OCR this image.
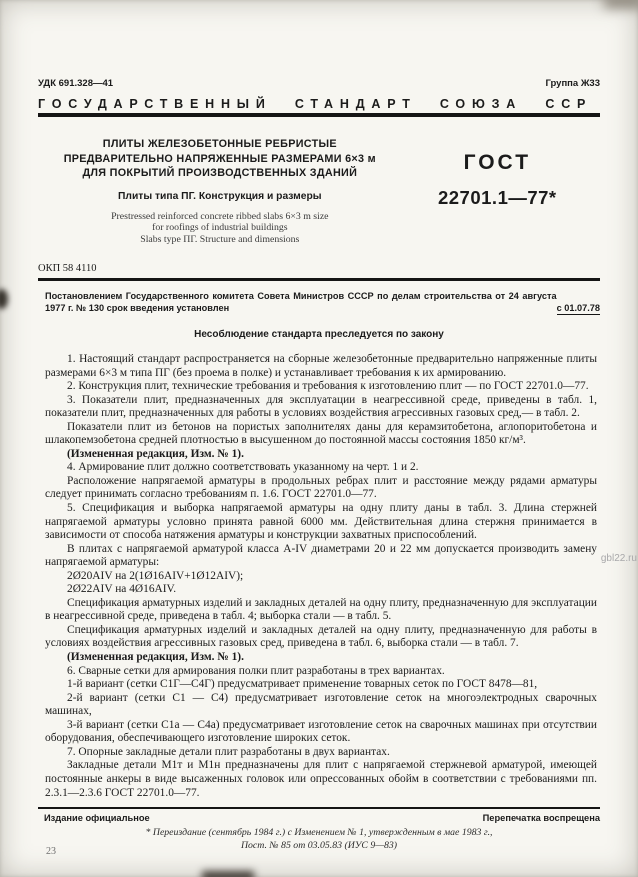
УДК 691.328—41	Группа Ж33
ГОСУДАРСТВЕННЫЙ СТАНДАРТ СОЮЗА ССР

ПЛИТЫ ЖЕЛЕЗОБЕТОННЫЕ РЕБРИСТЫЕ

ПРЕДВАРИТЕЛЬНО НАПРЯЖЕННЫЕ РАЗМЕРАМИ 6×3 м

ДЛЯ ПОКРЫТИЙ ПРОИЗВОДСТВЕННЫХ ЗДАНИЙ

Плиты типа ПГ. Конструкция и размеры

Prestressed reinforced concrete ribbed slabs 6×3 m size

for roofings of industrial buildings

Slabs type ПГ. Structure and dimensions

ГОСТ
22701.1—77*
ОКП 58 4110
с 01.07.78
Постановлением Государственного комитета Совета Министров СССР по делам строительства от 24 августа 1977 г. № 130 срок введения установлен
Несоблюдение стандарта преследуется по закону

1. Настоящий стандарт распространяется на сборные железобетонные предварительно напряженные плиты размерами 6×3 м типа ПГ (без проема в полке) и устанавливает требования к их армированию.

2. Конструкция плит, технические требования и требования к изготовлению плит — по ГОСТ 22701.0—77.

3. Показатели плит, предназначенных для эксплуатации в неагрессивной среде, приведены в табл. 1, показатели плит, предназначенных для работы в условиях воздействия агрессивных газовых сред,— в табл. 2.

Показатели плит из бетонов на пористых заполнителях даны для керамзитобетона, аглопоритобетона и шлакопемзобетона средней плотностью в высушенном до постоянной массы состояния 1850 кг/м³.

(Измененная редакция, Изм. № 1).

4. Армирование плит должно соответствовать указанному на черт. 1 и 2.

Расположение напрягаемой арматуры в продольных ребрах плит и расстояние между рядами арматуры следует принимать согласно требованиям п. 1.6. ГОСТ 22701.0—77.

5. Спецификация и выборка напрягаемой арматуры на одну плиту даны в табл. 3. Длина стержней напрягаемой арматуры условно принята равной 6000 мм. Действительная длина стержня принимается в зависимости от способа натяжения арматуры и конструкции захватных приспособлений.

В плитах с напрягаемой арматурой класса А-IV диаметрами 20 и 22 мм допускается производить замену напрягаемой арматуры:

2Ø20АIV на 2(1Ø16АIV+1Ø12АIV);

2Ø22АIV на 4Ø16АIV.

Спецификация арматурных изделий и закладных деталей на одну плиту, предназначенную для эксплуатации в неагрессивной среде, приведена в табл. 4; выборка стали — в табл. 5.

Спецификация арматурных изделий и закладных деталей на одну плиту, предназначенную для работы в условиях воздействия агрессивных газовых сред, приведена в табл. 6, выборка стали — в табл. 7.

(Измененная редакция, Изм. № 1).

6. Сварные сетки для армирования полки плит разработаны в трех вариантах.

1-й вариант (сетки С1Г—С4Г) предусматривает применение товарных сеток по ГОСТ 8478—81,

2-й вариант (сетки С1 — С4) предусматривает изготовление сеток на многоэлектродных сварочных машинах,

3-й вариант (сетки С1а — С4а) предусматривает изготовление сеток на сварочных машинах при отсутствии оборудования, обеспечивающего изготовление широких сеток.

7. Опорные закладные детали плит разработаны в двух вариантах.

Закладные детали М1т и М1н предназначены для плит с напрягаемой стержневой арматурой, имеющей постоянные анкеры в виде высаженных головок или опрессованных обойм в соответствии с требованиями пп. 2.3.1—2.3.6 ГОСТ 22701.0—77.

Издание официальное	Перепечатка воспрещена

* Переиздание (сентябрь 1984 г.) с Изменением № 1, утвержденным в мае 1983 г.,

Пост. № 85 от 03.05.83 (ИУС 9—83)

23
gbl22.ru
